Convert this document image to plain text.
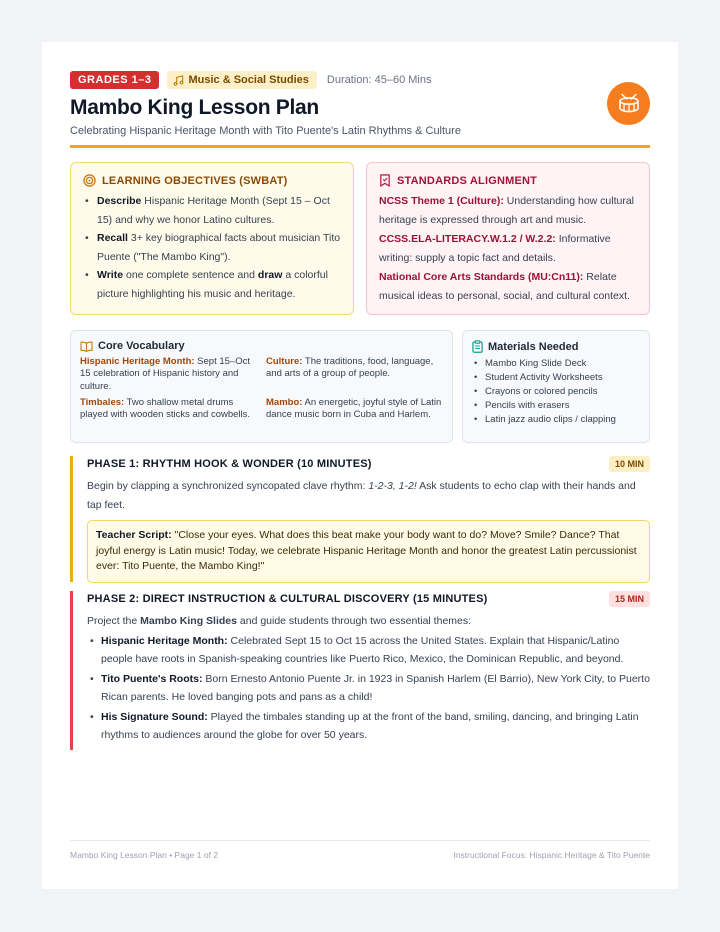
GRADES 1–3	Music & Social Studies Duration: 45–60 Mins
Mambo King Lesson Plan
Celebrating Hispanic Heritage Month with Tito Puente's Latin Rhythms & Culture
LEARNING OBJECTIVES (SWBAT)
• Describe Hispanic Heritage Month (Sept 15 – Oct 15) and why we honor Latino cultures.
• Recall 3+ key biographical facts about musician Tito Puente ("The Mambo King").
• Write one complete sentence and draw a colorful picture highlighting his music and heritage.
STANDARDS ALIGNMENT

NCSS Theme 1 (Culture): Understanding how cultural heritage is expressed through art and music.

CCSS.ELA-LITERACY.W.1.2 / W.2.2: Informative writing: supply a topic fact and details.

National Core Arts Standards (MU:Cn11): Relate musical ideas to personal, social, and cultural context.

Core Vocabulary
Hispanic Heritage Month: Sept 15–Oct 15 celebration of Hispanic history and culture.
Culture: The traditions, food, language, and arts of a group of people.
Timbales: Two shallow metal drums played with wooden sticks and cowbells.
Mambo: An energetic, joyful style of Latin dance music born in Cuba and Harlem.
Materials Needed
• Mambo King Slide Deck
• Student Activity Worksheets
• Crayons or colored pencils
• Pencils with erasers
• Latin jazz audio clips / clapping
PHASE 1: RHYTHM HOOK & WONDER (10 MINUTES)	10 MIN

Begin by clapping a synchronized syncopated clave rhythm: 1-2-3, 1-2! Ask students to echo clap with their hands and tap feet.

Teacher Script: "Close your eyes. What does this beat make your body want to do? Move? Smile? Dance? That joyful energy is Latin music! Today, we celebrate Hispanic Heritage Month and honor the greatest Latin percussionist ever: Tito Puente, the Mambo King!"
PHASE 2: DIRECT INSTRUCTION & CULTURAL DISCOVERY (15 MINUTES)	15 MIN

Project the Mambo King Slides and guide students through two essential themes:

• Hispanic Heritage Month: Celebrated Sept 15 to Oct 15 across the United States. Explain that Hispanic/Latino people have roots in Spanish-speaking countries like Puerto Rico, Mexico, the Dominican Republic, and beyond.
• Tito Puente's Roots: Born Ernesto Antonio Puente Jr. in 1923 in Spanish Harlem (El Barrio), New York City, to Puerto Rican parents. He loved banging pots and pans as a child!
• His Signature Sound: Played the timbales standing up at the front of the band, smiling, dancing, and bringing Latin rhythms to audiences around the globe for over 50 years.
Mambo King Lesson Plan • Page 1 of 2	Instructional Focus: Hispanic Heritage & Tito Puente
